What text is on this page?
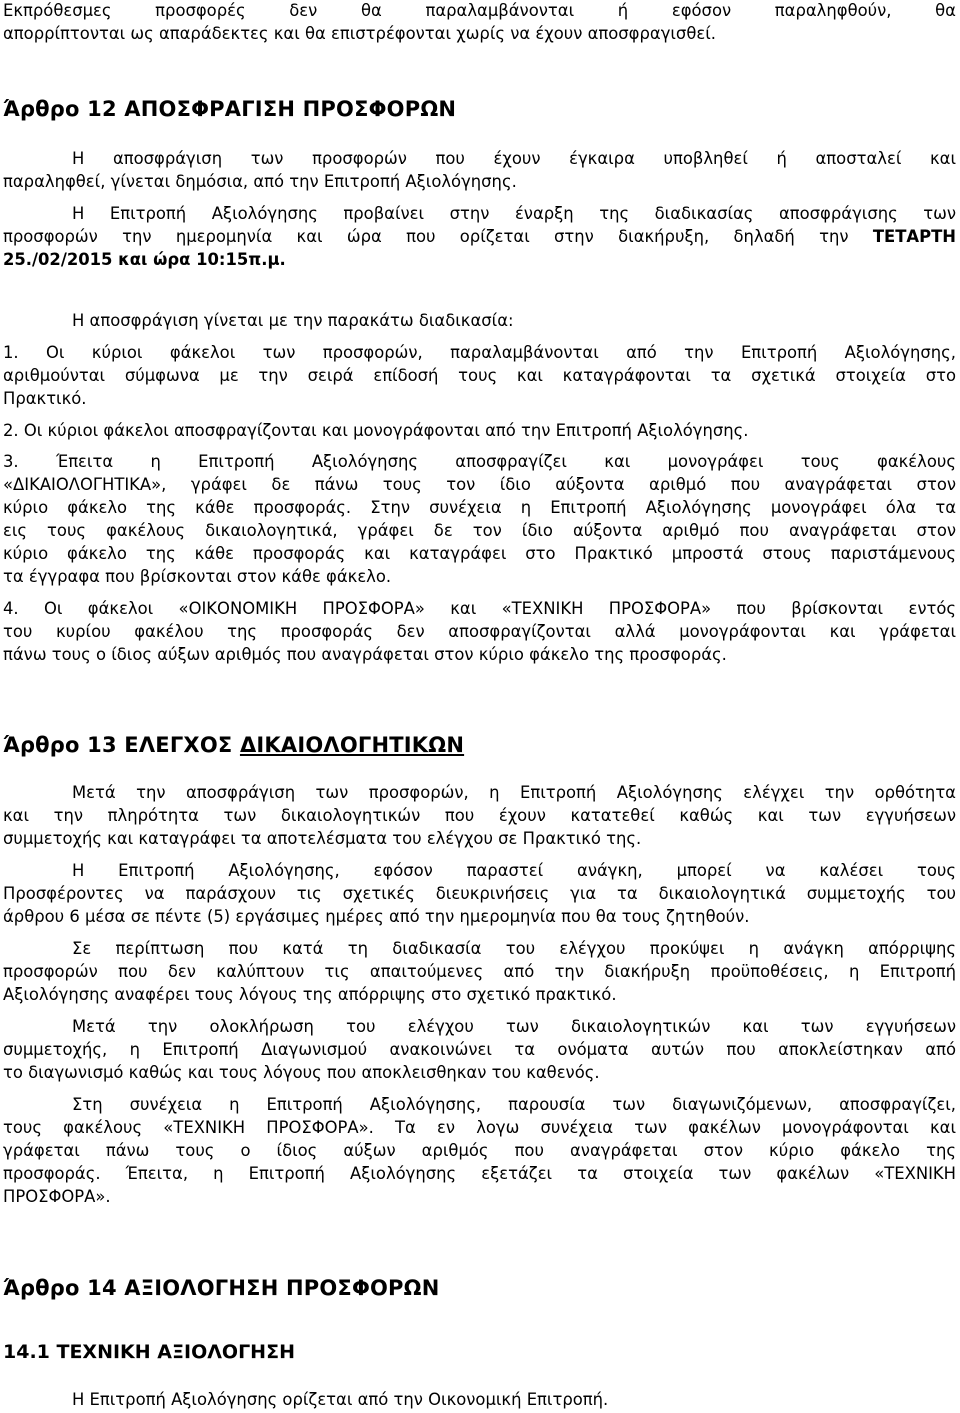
Εκπρόθεσμες προσφορές δεν θα παραλαμβάνονται ή εφόσον παραληφθούν, θα
απορρίπτονται ως απαράδεκτες και θα επιστρέφονται χωρίς να έχουν αποσφραγισθεί.
Άρθρο 12 ΑΠΟΣΦΡΑΓΙΣΗ ΠΡΟΣΦΟΡΩΝ
Η αποσφράγιση των προσφορών που έχουν έγκαιρα υποβληθεί ή αποσταλεί και
παραληφθεί, γίνεται δημόσια, από την Επιτροπή Αξιολόγησης.
Η Επιτροπή Αξιολόγησης προβαίνει στην έναρξη της διαδικασίας αποσφράγισης των
προσφορών την ημερομηνία και ώρα που ορίζεται στην διακήρυξη, δηλαδή την ΤΕΤΑΡΤΗ
25./02/2015 και ώρα 10:15π.μ.
Η αποσφράγιση γίνεται με την παρακάτω διαδικασία:
1. Οι κύριοι φάκελοι των προσφορών, παραλαμβάνονται από την Επιτροπή Αξιολόγησης,
αριθμούνται σύμφωνα με την σειρά επίδοσή τους και καταγράφονται τα σχετικά στοιχεία στο
Πρακτικό.
2. Οι κύριοι φάκελοι αποσφραγίζονται και μονογράφονται από την Επιτροπή Αξιολόγησης.
3. Έπειτα η Επιτροπή Αξιολόγησης αποσφραγίζει και μονογράφει τους φακέλους
«ΔΙΚΑΙΟΛΟΓΗΤΙΚΑ», γράφει δε πάνω τους τον ίδιο αύξοντα αριθμό που αναγράφεται στον
κύριο φάκελο της κάθε προσφοράς. Στην συνέχεια η Επιτροπή Αξιολόγησης μονογράφει όλα τα
εις τους φακέλους δικαιολογητικά, γράφει δε τον ίδιο αύξοντα αριθμό που αναγράφεται στον
κύριο φάκελο της κάθε προσφοράς και καταγράφει στο Πρακτικό μπροστά στους παριστάμενους
τα έγγραφα που βρίσκονται στον κάθε φάκελο.
4. Οι φάκελοι «ΟΙΚΟΝΟΜΙΚΗ ΠΡΟΣΦΟΡΑ» και «ΤΕΧΝΙΚΗ ΠΡΟΣΦΟΡΑ» που βρίσκονται εντός
του κυρίου φακέλου της προσφοράς δεν αποσφραγίζονται αλλά μονογράφονται και γράφεται
πάνω τους ο ίδιος αύξων αριθμός που αναγράφεται στον κύριο φάκελο της προσφοράς.
Άρθρο 13 ΕΛΕΓΧΟΣ ΔΙΚΑΙΟΛΟΓΗΤΙΚΩΝ
Μετά την αποσφράγιση των προσφορών, η Επιτροπή Αξιολόγησης ελέγχει την ορθότητα
και την πληρότητα των δικαιολογητικών που έχουν κατατεθεί καθώς και των εγγυήσεων
συμμετοχής και καταγράφει τα αποτελέσματα του ελέγχου σε Πρακτικό της.
Η Επιτροπή Αξιολόγησης, εφόσον παραστεί ανάγκη, μπορεί να καλέσει τους
Προσφέροντες να παράσχουν τις σχετικές διευκρινήσεις για τα δικαιολογητικά συμμετοχής του
άρθρου 6 μέσα σε πέντε (5) εργάσιμες ημέρες από την ημερομηνία που θα τους ζητηθούν.
Σε περίπτωση που κατά τη διαδικασία του ελέγχου προκύψει η ανάγκη απόρριψης
προσφορών που δεν καλύπτουν τις απαιτούμενες από την διακήρυξη προϋποθέσεις, η Επιτροπή
Αξιολόγησης αναφέρει τους λόγους της απόρριψης στο σχετικό πρακτικό.
Μετά την ολοκλήρωση του ελέγχου των δικαιολογητικών και των εγγυήσεων
συμμετοχής, η Επιτροπή Διαγωνισμού ανακοινώνει τα ονόματα αυτών που αποκλείστηκαν από
το διαγωνισμό καθώς και τους λόγους που αποκλεισθηκαν του καθενός.
Στη συνέχεια η Επιτροπή Αξιολόγησης, παρουσία των διαγωνιζόμενων, αποσφραγίζει,
τους φακέλους «ΤΕΧΝΙΚΗ ΠΡΟΣΦΟΡΑ». Τα εν λογω συνέχεια των φακέλων μονογράφονται και
γράφεται πάνω τους ο ίδιος αύξων αριθμός που αναγράφεται στον κύριο φάκελο της
προσφοράς. Έπειτα, η Επιτροπή Αξιολόγησης εξετάζει τα στοιχεία των φακέλων «ΤΕΧΝΙΚΗ
ΠΡΟΣΦΟΡΑ».
Άρθρο 14 ΑΞΙΟΛΟΓΗΣΗ ΠΡΟΣΦΟΡΩΝ
14.1 ΤΕΧΝΙΚΗ ΑΞΙΟΛΟΓΗΣΗ
Η Επιτροπή Αξιολόγησης ορίζεται από την Οικονομική Επιτροπή.
